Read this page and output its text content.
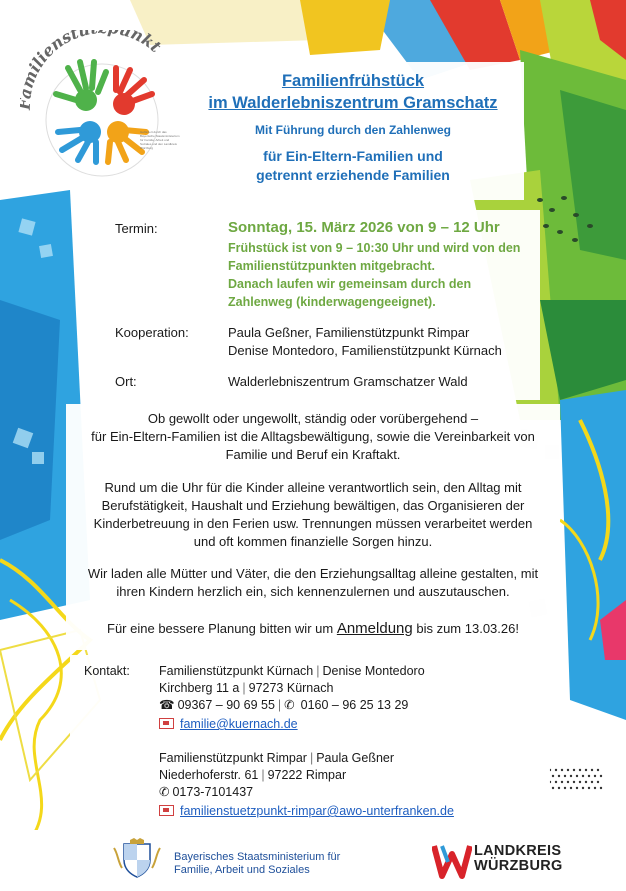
ilienstü unkt
Gefördert durch das Bayerische Staatsministerium für Familie, Arbeit und Soziales und den Landkreis Würzburg
Familienfrühstück
im Walderlebniszentrum Gramschatz
Mit Führung durch den Zahlenweg
für Ein-Eltern-Familien und
getrennt erziehende Familien
Termin:	Sonntag, 15. März 2026 von 9 – 12 Uhr
Frühstück ist von 9 – 10:30 Uhr und wird von den
Familienstützpunkten mitgebracht.
Danach laufen wir gemeinsam durch den
Zahlenweg (kinderwagengeeignet).
Kooperation:	Paula Geßner, Familienstützpunkt Rimpar
Denise Montedoro, Familienstützpunkt Kürnach
Ort:	Walderlebniszentrum Gramschatzer Wald

Ob gewollt oder ungewollt, ständig oder vorübergehend –

für Ein-Eltern-Familien ist die Alltagsbewältigung, sowie die Vereinbarkeit von

Familie und Beruf ein Kraftakt.

Rund um die Uhr für die Kinder alleine verantwortlich sein, den Alltag mit

Berufstätigkeit, Haushalt und Erziehung bewältigen, das Organisieren der

Kinderbetreuung in den Ferien usw. Trennungen müssen verarbeitet werden

und oft kommen finanzielle Sorgen hinzu.

Wir laden alle Mütter und Väter, die den Erziehungsalltag alleine gestalten, mit

ihren Kindern herzlich ein, sich kennenzulernen und auszutauschen.

Für eine bessere Planung bitten wir um Anmeldung bis zum 13.03.26!
Kontakt: Familienstützpunkt Kürnach | Denise Montedoro
Kirchberg 11 a | 97273 Kürnach
☎ 09367 – 90 69 55 | ✆ 0160 – 96 25 13 29
familie@kuernach.de
Familienstützpunkt Rimpar | Paula Geßner
Niederhoferstr. 61 | 97222 Rimpar
✆ 0173-7101437
familienstuetzpunkt-rimpar@awo-unterfranken.de
Bayerisches Staatsministerium für
Familie, Arbeit und Soziales
LANDKREIS
WÜRZBURG
